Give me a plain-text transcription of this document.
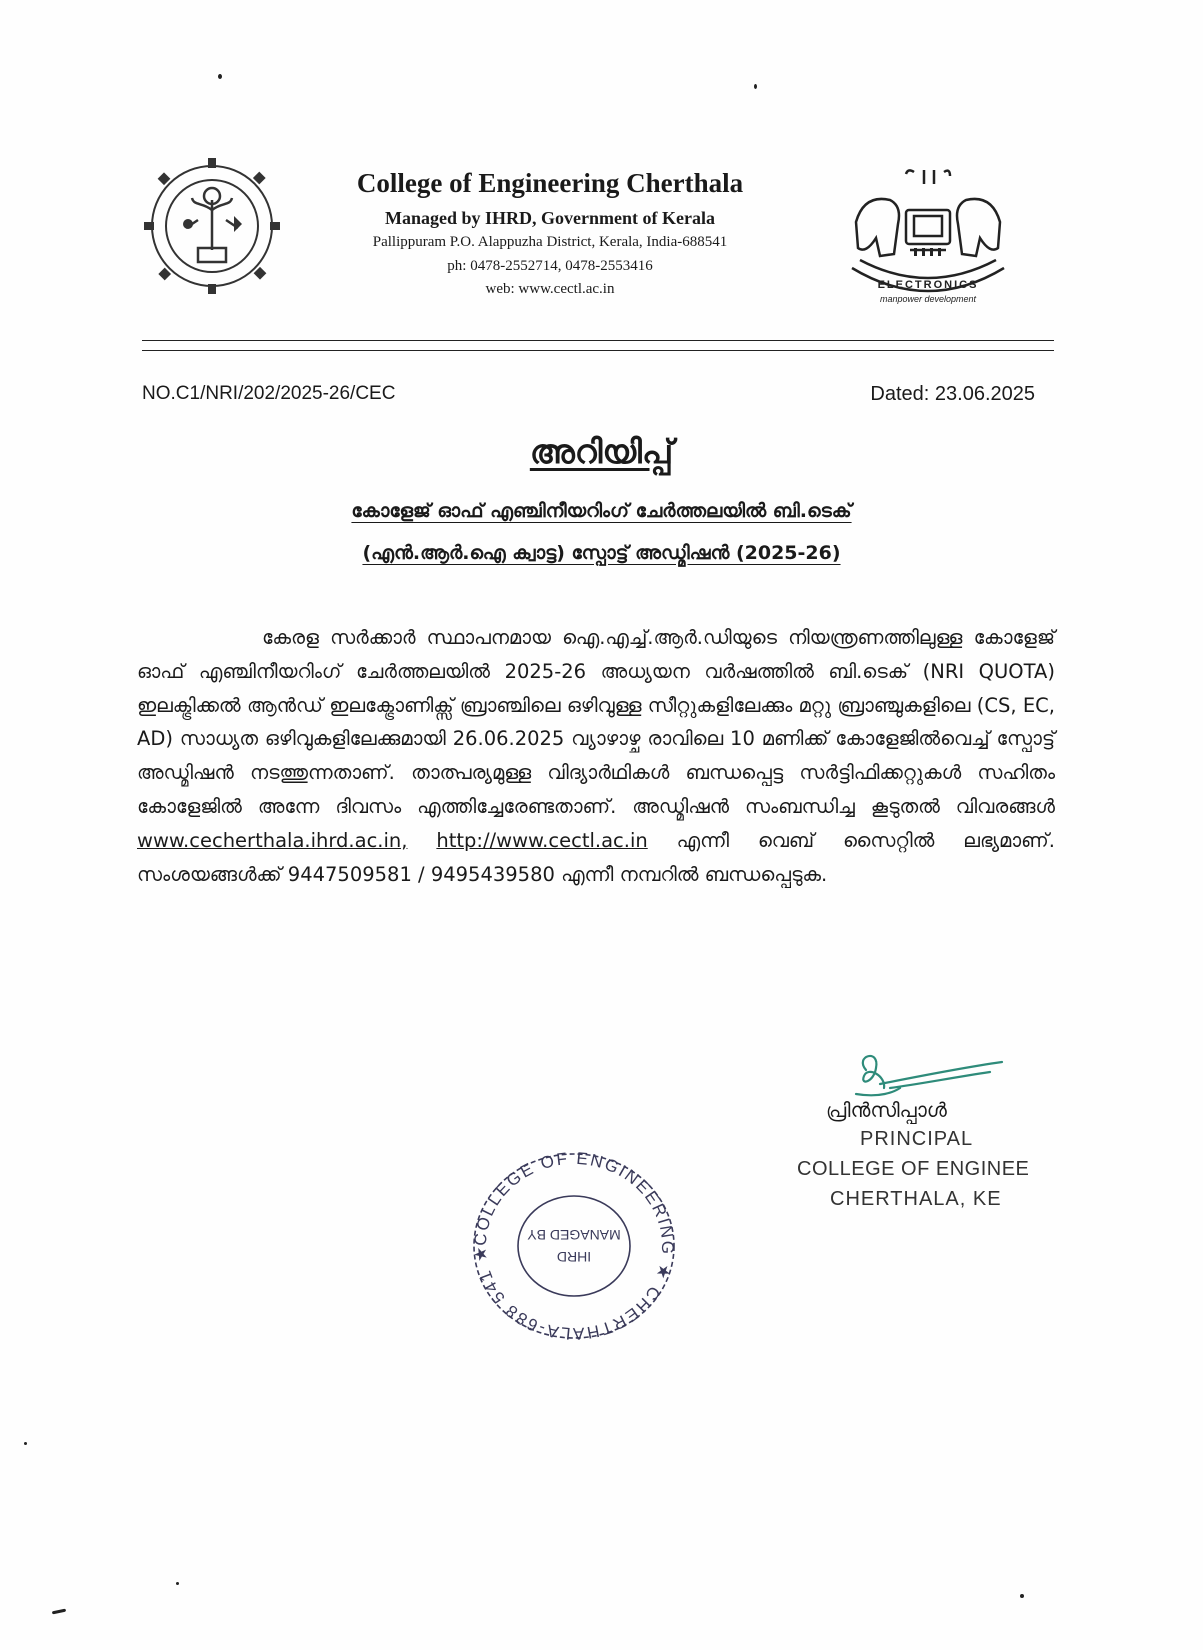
College of Engineering Cherthala
Managed by IHRD, Government of Kerala
Pallippuram P.O. Alappuzha District, Kerala, India-688541
ph: 0478-2552714, 0478-2553416
web: www.cectl.ac.in	ELECTRONICS
manpower development
NO.C1/NRI/202/2025-26/CEC	Dated: 23.06.2025
അറിയിപ്പ്
കോളേജ് ഓഫ് എഞ്ചിനീയറിംഗ് ചേർത്തലയിൽ ബി.ടെക്
(എൻ.ആർ.ഐ ക്വാട്ട) സ്പോട്ട് അഡ്മിഷൻ (2025-26)
കേരള സർക്കാർ സ്ഥാപനമായ ഐ.എച്ച്.ആർ.ഡിയുടെ നിയന്ത്രണത്തിലുള്ള കോളേജ് ഓഫ് എഞ്ചിനീയറിംഗ് ചേർത്തലയിൽ 2025-26 അധ്യയന വർഷത്തിൽ ബി.ടെക് (NRI QUOTA) ഇലക്ട്രിക്കൽ ആൻഡ് ഇലക്ട്രോണിക്സ് ബ്രാഞ്ചിലെ ഒഴിവുള്ള സീറ്റുകളിലേക്കും മറ്റു ബ്രാഞ്ചുകളിലെ (CS, EC, AD) സാധ്യത ഒഴിവുകളിലേക്കുമായി 26.06.2025 വ്യാഴാഴ്ച രാവിലെ 10 മണിക്ക് കോളേജിൽവെച്ച് സ്പോട്ട് അഡ്മിഷൻ നടത്തുന്നതാണ്. താത്പര്യമുള്ള വിദ്യാർഥികൾ ബന്ധപ്പെട്ട സർട്ടിഫിക്കറ്റുകൾ സഹിതം കോളേജിൽ അന്നേ ദിവസം എത്തിച്ചേരേണ്ടതാണ്. അഡ്മിഷൻ സംബന്ധിച്ച കൂടുതൽ വിവരങ്ങൾ www.cecherthala.ihrd.ac.in, http://www.cectl.ac.in എന്നീ വെബ് സൈറ്റിൽ ലഭ്യമാണ്. സംശയങ്ങൾക്ക് 9447509581 / 9495439580 എന്നീ നമ്പറിൽ ബന്ധപ്പെടുക.
COLLEGE OF ENGINEERING ★ CHERTHALA-688 541 ★	IHRD
MANAGED BY
പ്രിൻസിപ്പാൾ
PRINCIPAL
COLLEGE OF ENGINEE
CHERTHALA, KE
